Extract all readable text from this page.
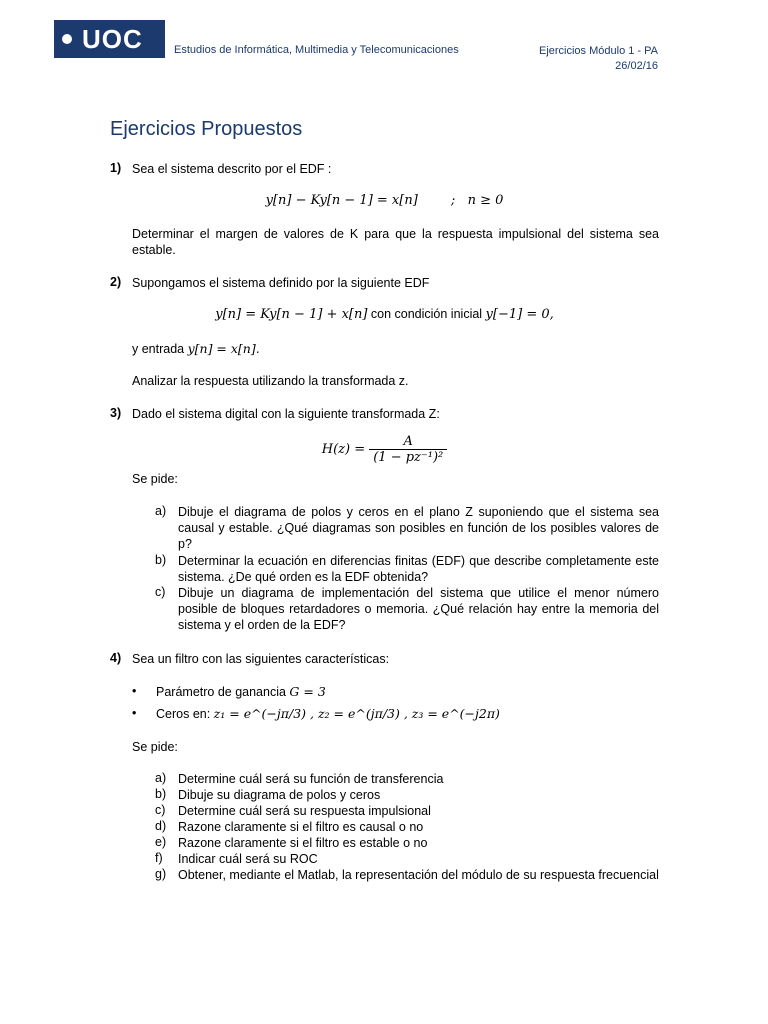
UOC	Estudios de Informática, Multimedia y Telecomunicaciones	Ejercicios Módulo 1 - PA
26/02/16
Ejercicios Propuestos
1) Sea el sistema descrito por el EDF :
y[n] − Ky[n − 1] = x[n]        ;   n ≥ 0
Determinar el margen de valores de K para que la respuesta impulsional del sistema sea estable.
2) Supongamos el sistema definido por la siguiente EDF
y[n] = Ky[n − 1] + x[n] con condición inicial y[−1] = 0,
y entrada y[n] = x[n].
Analizar la respuesta utilizando la transformada z.
3) Dado el sistema digital con la siguiente transformada Z:
$H(z) = \frac{A}{\text{(1 − pz⁻¹)²}}$
Se pide:
a) Dibuje el diagrama de polos y ceros en el plano Z suponiendo que el sistema sea causal y estable. ¿Qué diagramas son posibles en función de los posibles valores de p?
b) Determinar la ecuación en diferencias finitas (EDF) que describe completamente este sistema. ¿De qué orden es la EDF obtenida?
c) Dibuje un diagrama de implementación del sistema que utilice el menor número posible de bloques retardadores o memoria. ¿Qué relación hay entre la memoria del sistema y el orden de la EDF?
4) Sea un filtro con las siguientes características:
• Parámetro de ganancia G = 3
• Ceros en: z₁ = e^(−jπ/3) , z₂ = e^(jπ/3) , z₃ = e^(−j2π)
Se pide:
a) Determine cuál será su función de transferencia
b) Dibuje su diagrama de polos y ceros
c) Determine cuál será su respuesta impulsional
d) Razone claramente si el filtro es causal o no
e) Razone claramente si el filtro es estable o no
f) Indicar cuál será su ROC
g) Obtener, mediante el Matlab, la representación del módulo de su respuesta frecuencial
